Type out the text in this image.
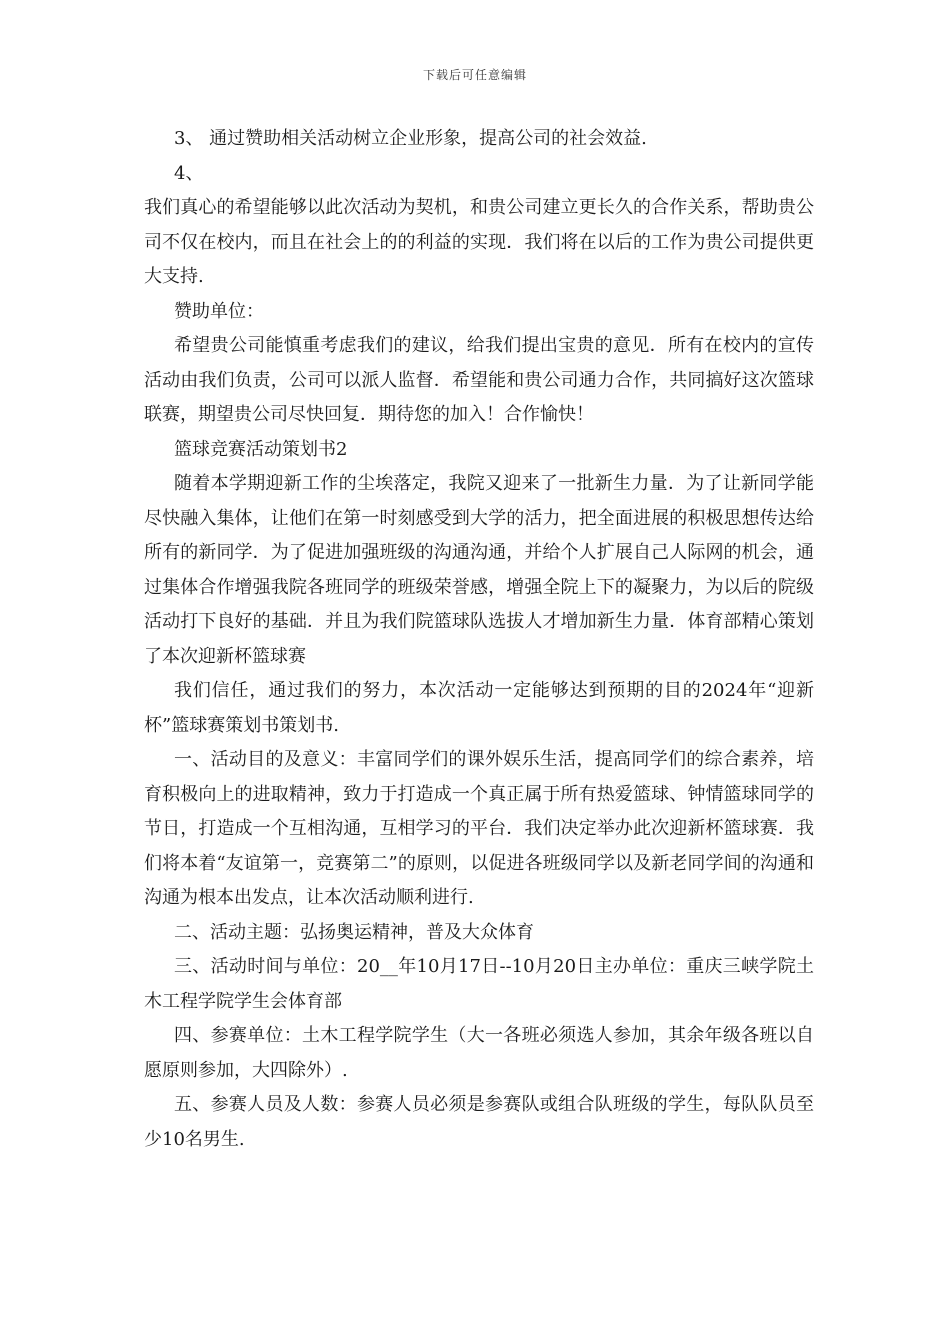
下载后可任意编辑

3、 通过赞助相关活动树立企业形象，提高公司的社会效益.

4、

我们真心的希望能够以此次活动为契机，和贵公司建立更长久的合作关系，帮助贵公司不仅在校内，而且在社会上的的利益的实现．我们将在以后的工作为贵公司提供更大支持.

赞助单位：

希望贵公司能慎重考虑我们的建议，给我们提出宝贵的意见．所有在校内的宣传活动由我们负责，公司可以派人监督．希望能和贵公司通力合作，共同搞好这次篮球联赛，期望贵公司尽快回复．期待您的加入！合作愉快！

篮球竞赛活动策划书2

随着本学期迎新工作的尘埃落定，我院又迎来了一批新生力量．为了让新同学能尽快融入集体，让他们在第一时刻感受到大学的活力，把全面进展的积极思想传达给所有的新同学．为了促进加强班级的沟通沟通，并给个人扩展自己人际网的机会，通过集体合作增强我院各班同学的班级荣誉感，增强全院上下的凝聚力，为以后的院级活动打下良好的基础．并且为我们院篮球队选拔人才增加新生力量．体育部精心策划了本次迎新杯篮球赛

我们信任，通过我们的努力，本次活动一定能够达到预期的目的2024年“迎新杯”篮球赛策划书策划书.

一、活动目的及意义：丰富同学们的课外娱乐生活，提高同学们的综合素养，培育积极向上的进取精神，致力于打造成一个真正属于所有热爱篮球、钟情篮球同学的节日，打造成一个互相沟通，互相学习的平台．我们决定举办此次迎新杯篮球赛．我们将本着“友谊第一，竞赛第二”的原则，以促进各班级同学以及新老同学间的沟通和沟通为根本出发点，让本次活动顺利进行.

二、活动主题：弘扬奥运精神，普及大众体育

三、活动时间与单位：20__年10月17日--10月20日主办单位：重庆三峡学院土木工程学院学生会体育部

四、参赛单位：土木工程学院学生（大一各班必须选人参加，其余年级各班以自愿原则参加，大四除外）.

五、参赛人员及人数：参赛人员必须是参赛队或组合队班级的学生，每队队员至少10名男生.
